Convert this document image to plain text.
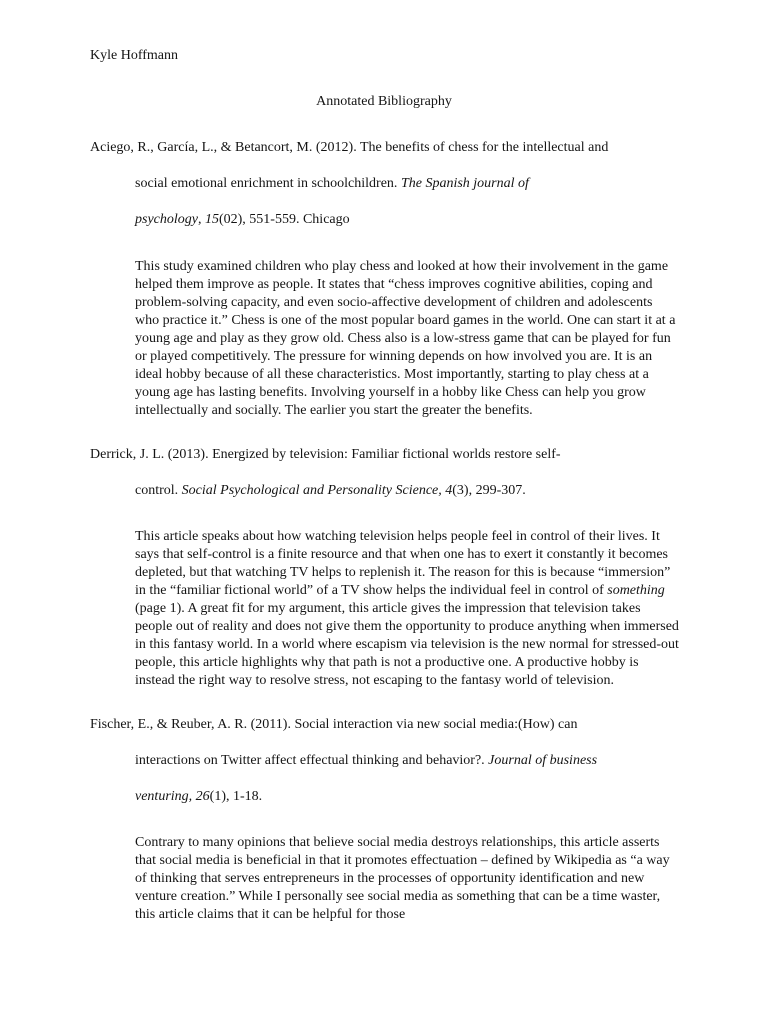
Kyle Hoffmann
Annotated Bibliography
Aciego, R., García, L., & Betancort, M. (2012). The benefits of chess for the intellectual and
social emotional enrichment in schoolchildren. The Spanish journal of
psychology, 15(02), 551-559. Chicago
This study examined children who play chess and looked at how their involvement in the game helped them improve as people. It states that “chess improves cognitive abilities, coping and problem-solving capacity, and even socio-affective development of children and adolescents who practice it.” Chess is one of the most popular board games in the world. One can start it at a young age and play as they grow old. Chess also is a low-stress game that can be played for fun or played competitively. The pressure for winning depends on how involved you are. It is an ideal hobby because of all these characteristics. Most importantly, starting to play chess at a young age has lasting benefits. Involving yourself in a hobby like Chess can help you grow intellectually and socially. The earlier you start the greater the benefits.
Derrick, J. L. (2013). Energized by television: Familiar fictional worlds restore self-
control. Social Psychological and Personality Science, 4(3), 299-307.
This article speaks about how watching television helps people feel in control of their lives. It says that self-control is a finite resource and that when one has to exert it constantly it becomes depleted, but that watching TV helps to replenish it. The reason for this is because “immersion” in the “familiar fictional world” of a TV show helps the individual feel in control of something (page 1). A great fit for my argument, this article gives the impression that television takes people out of reality and does not give them the opportunity to produce anything when immersed in this fantasy world. In a world where escapism via television is the new normal for stressed-out people, this article highlights why that path is not a productive one. A productive hobby is instead the right way to resolve stress, not escaping to the fantasy world of television.
Fischer, E., & Reuber, A. R. (2011). Social interaction via new social media:(How) can
interactions on Twitter affect effectual thinking and behavior?. Journal of business
venturing, 26(1), 1-18.
Contrary to many opinions that believe social media destroys relationships, this article asserts that social media is beneficial in that it promotes effectuation – defined by Wikipedia as “a way of thinking that serves entrepreneurs in the processes of opportunity identification and new venture creation.” While I personally see social media as something that can be a time waster, this article claims that it can be helpful for those
